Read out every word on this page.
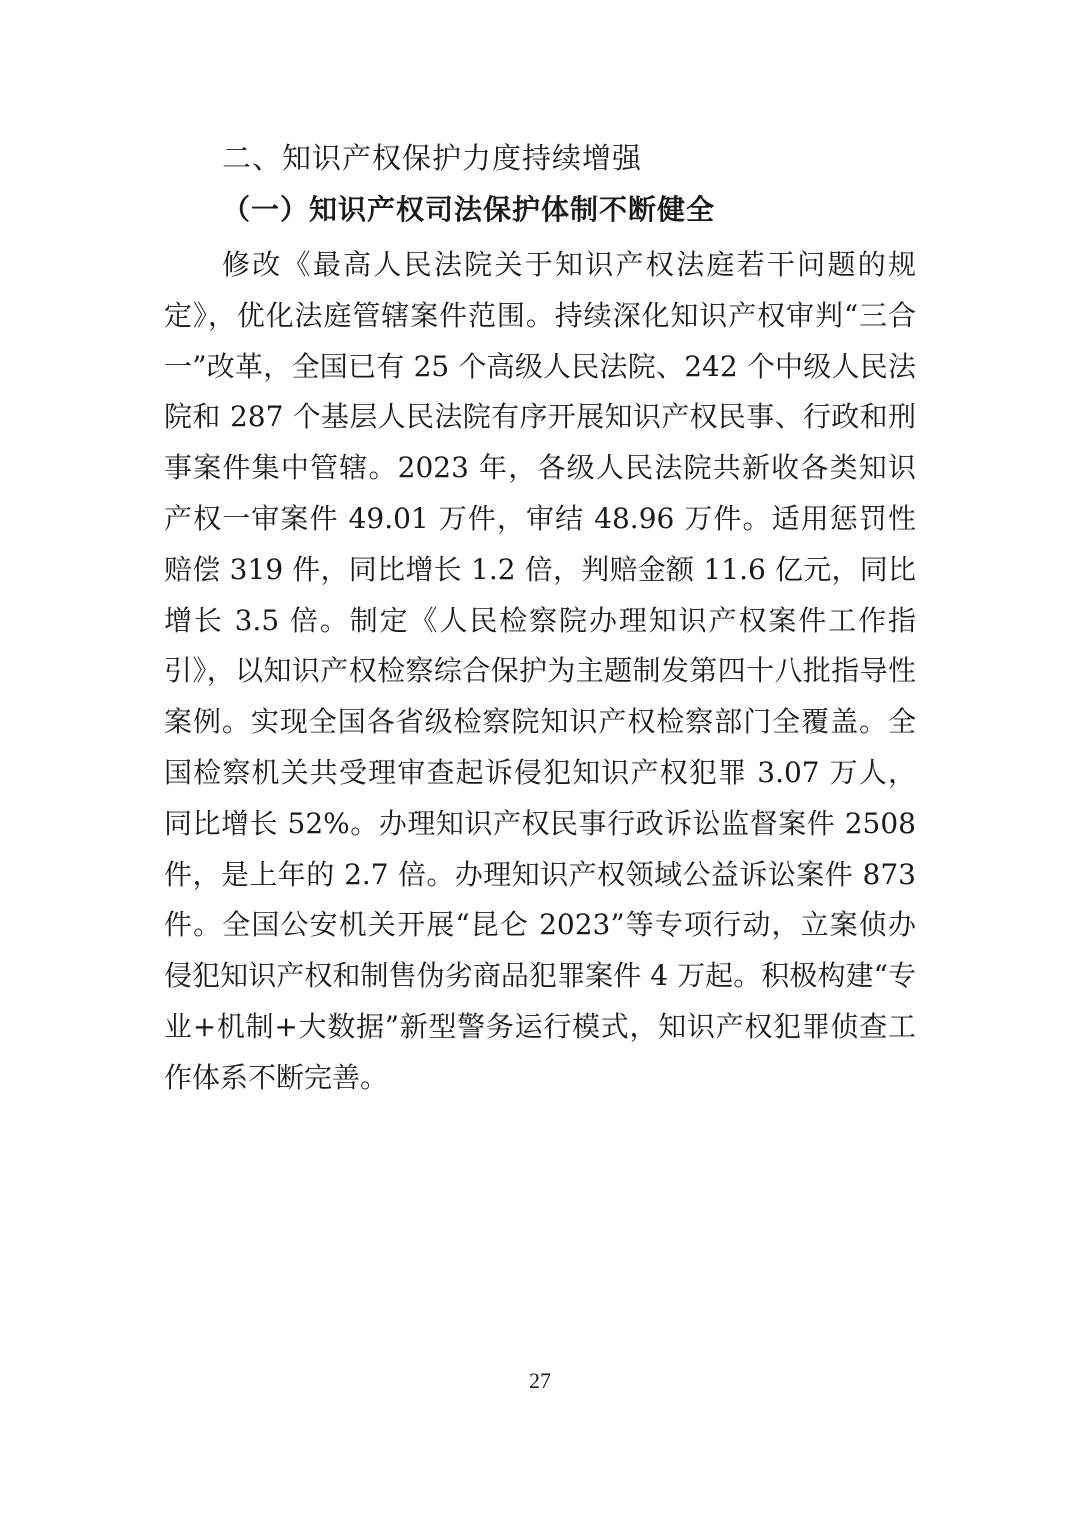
二、知识产权保护力度持续增强
（一）知识产权司法保护体制不断健全

修改《最高人民法院关于知识产权法庭若干问题的规定》，优化法庭管辖案件范围。持续深化知识产权审判“三合一”改革，全国已有 25 个高级人民法院、242 个中级人民法院和 287 个基层人民法院有序开展知识产权民事、行政和刑事案件集中管辖。2023 年，各级人民法院共新收各类知识产权一审案件 49.01 万件，审结 48.96 万件。适用惩罚性赔偿 319 件，同比增长 1.2 倍，判赔金额 11.6 亿元，同比增长 3.5 倍。制定《人民检察院办理知识产权案件工作指引》，以知识产权检察综合保护为主题制发第四十八批指导性案例。实现全国各省级检察院知识产权检察部门全覆盖。全国检察机关共受理审查起诉侵犯知识产权犯罪 3.07 万人，同比增长 52%。办理知识产权民事行政诉讼监督案件 2508 件，是上年的 2.7 倍。办理知识产权领域公益诉讼案件 873 件。全国公安机关开展“昆仑 2023”等专项行动，立案侦办侵犯知识产权和制售伪劣商品犯罪案件 4 万起。积极构建“专业+机制+大数据”新型警务运行模式，知识产权犯罪侦查工作体系不断完善。

27
